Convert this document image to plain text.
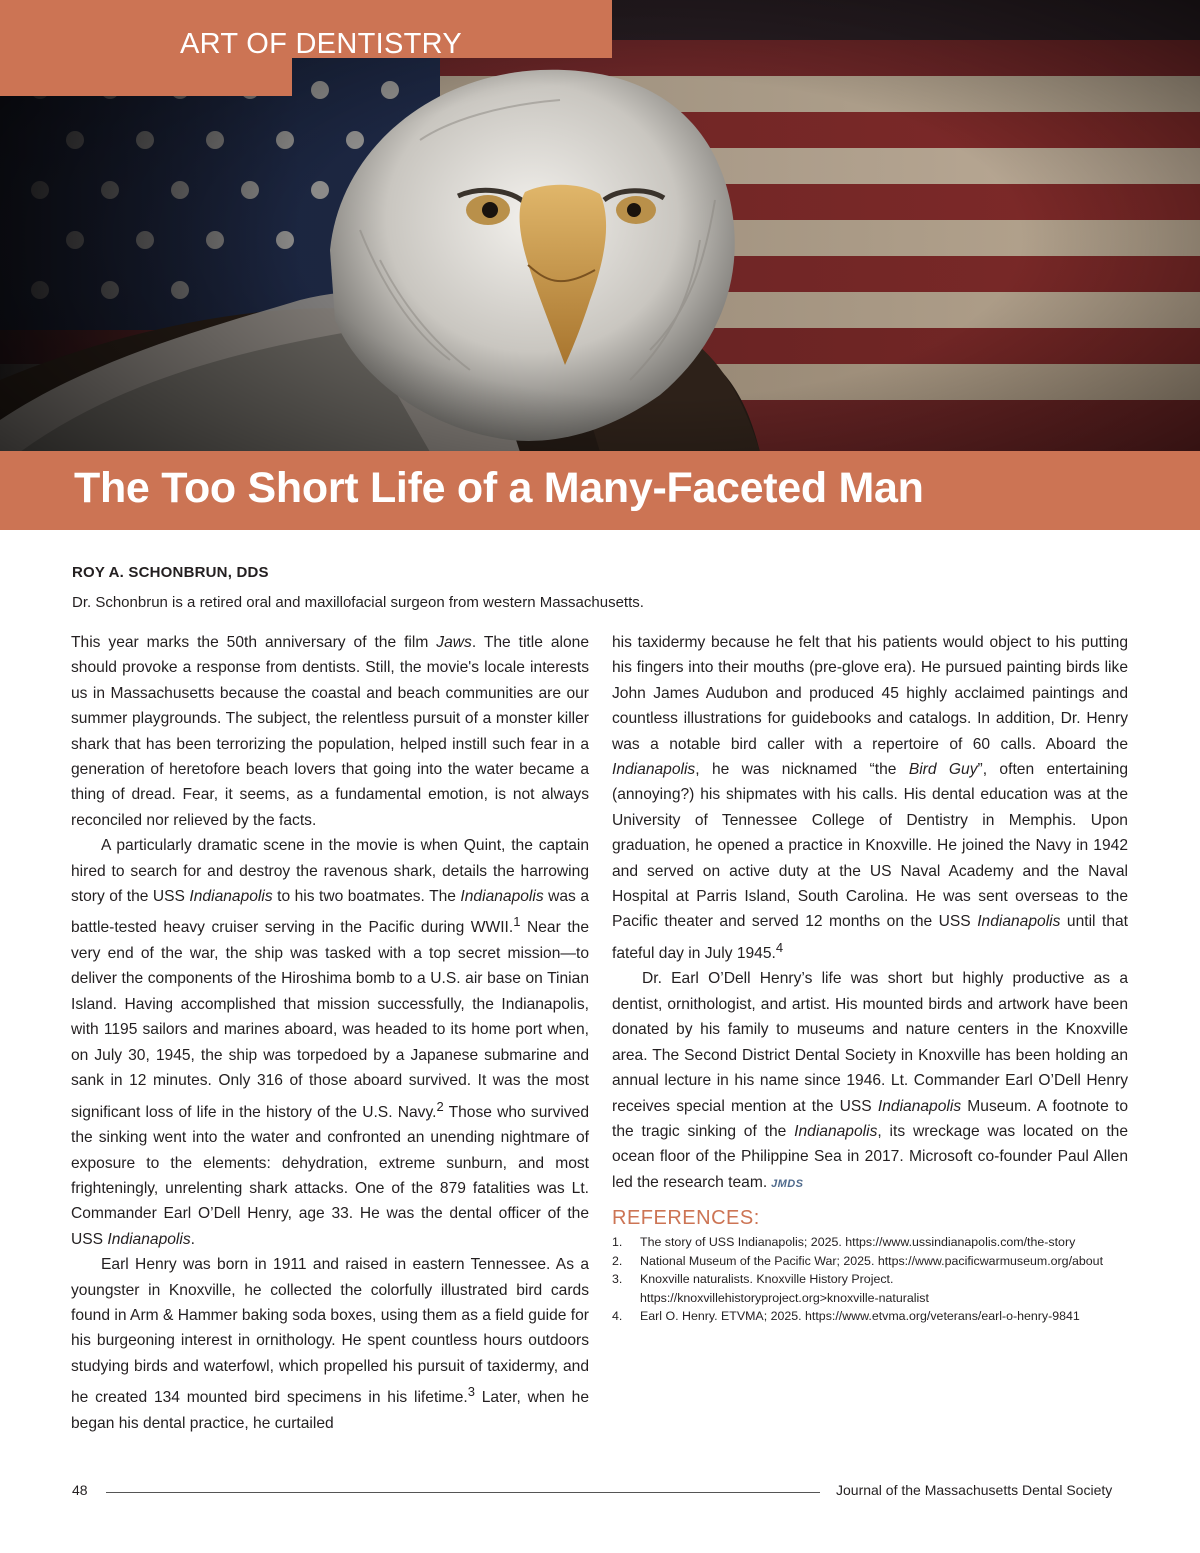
ART OF DENTISTRY
The Too Short Life of a Many-Faceted Man
ROY A. SCHONBRUN, DDS
Dr. Schonbrun is a retired oral and maxillofacial surgeon from western Massachusetts.

This year marks the 50th anniversary of the film Jaws. The title alone should provoke a response from dentists. Still, the movie's locale interests us in Massachusetts because the coastal and beach communities are our summer playgrounds. The subject, the relentless pursuit of a monster killer shark that has been terrorizing the population, helped instill such fear in a generation of heretofore beach lovers that going into the water became a thing of dread. Fear, it seems, as a fundamental emotion, is not always reconciled nor relieved by the facts.

A particularly dramatic scene in the movie is when Quint, the captain hired to search for and destroy the ravenous shark, details the harrowing story of the USS Indianapolis to his two boatmates. The Indianapolis was a battle-tested heavy cruiser serving in the Pacific during WWII.$^1$ Near the very end of the war, the ship was tasked with a top secret mission—to deliver the components of the Hiroshima bomb to a U.S. air base on Tinian Island. Having accomplished that mission successfully, the Indianapolis, with 1195 sailors and marines aboard, was headed to its home port when, on July 30, 1945, the ship was torpedoed by a Japanese submarine and sank in 12 minutes. Only 316 of those aboard survived. It was the most significant loss of life in the history of the U.S. Navy.$^2$ Those who survived the sinking went into the water and confronted an unending nightmare of exposure to the elements: dehydration, extreme sunburn, and most frighteningly, unrelenting shark attacks. One of the 879 fatalities was Lt. Commander Earl O’Dell Henry, age 33. He was the dental officer of the USS Indianapolis.

Earl Henry was born in 1911 and raised in eastern Tennessee. As a youngster in Knoxville, he collected the colorfully illustrated bird cards found in Arm & Hammer baking soda boxes, using them as a field guide for his burgeoning interest in ornithology. He spent countless hours outdoors studying birds and waterfowl, which propelled his pursuit of taxidermy, and he created 134 mounted bird specimens in his lifetime.$^3$ Later, when he began his dental practice, he curtailed

his taxidermy because he felt that his patients would object to his putting his fingers into their mouths (pre-glove era). He pursued painting birds like John James Audubon and produced 45 highly acclaimed paintings and countless illustrations for guidebooks and catalogs. In addition, Dr. Henry was a notable bird caller with a repertoire of 60 calls. Aboard the Indianapolis, he was nicknamed “the Bird Guy”, often entertaining (annoying?) his shipmates with his calls. His dental education was at the University of Tennessee College of Dentistry in Memphis. Upon graduation, he opened a practice in Knoxville. He joined the Navy in 1942 and served on active duty at the US Naval Academy and the Naval Hospital at Parris Island, South Carolina. He was sent overseas to the Pacific theater and served 12 months on the USS Indianapolis until that fateful day in July 1945.$^4$

Dr. Earl O’Dell Henry’s life was short but highly productive as a dentist, ornithologist, and artist. His mounted birds and artwork have been donated by his family to museums and nature centers in the Knoxville area. The Second District Dental Society in Knoxville has been holding an annual lecture in his name since 1946. Lt. Commander Earl O’Dell Henry receives special mention at the USS Indianapolis Museum. A footnote to the tragic sinking of the Indianapolis, its wreckage was located on the ocean floor of the Philippine Sea in 2017. Microsoft co-founder Paul Allen led the research team. JMDS

REFERENCES:
1. The story of USS Indianapolis; 2025. https://www.ussindianapolis.com/the-story
2. National Museum of the Pacific War; 2025. https://www.pacificwarmuseum.org/about
3. Knoxville naturalists. Knoxville History Project. https://knoxvillehistoryproject.org>knoxville-naturalist
4. Earl O. Henry. ETVMA; 2025. https://www.etvma.org/veterans/earl-o-henry-9841
48	Journal of the Massachusetts Dental Society
